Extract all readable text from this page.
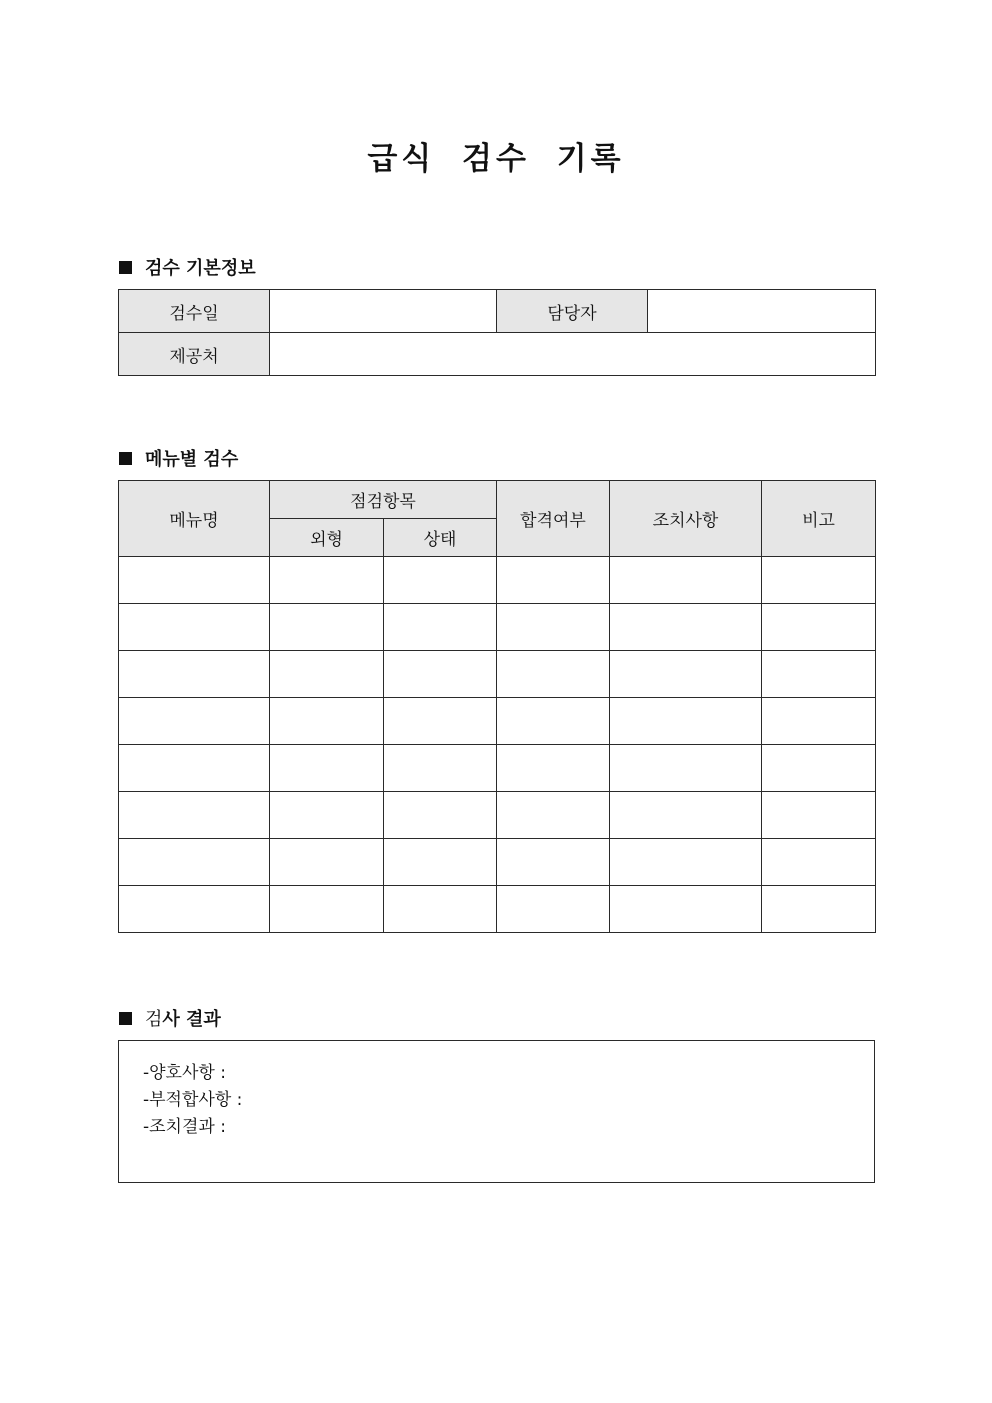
급식 검수 기록
검수 기본정보
검수일		담당자	
제공처			
메뉴별 검수
메뉴명	점검항목		합격여부	조치사항	비고
	외형	상태			

검 사 결과
-양호사항 :
-부적합사항 :
-조치결과 :
